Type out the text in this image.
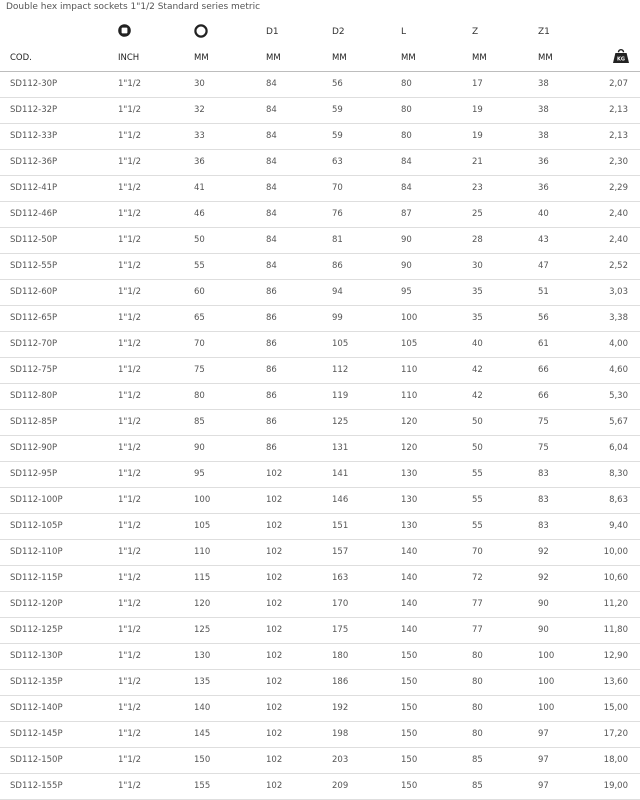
Double hex impact sockets 1"1/2 Standard series metric
			D1	D2	L	Z	Z1	
COD.	INCH	MM	MM	MM	MM	MM	MM	KG

SD112-30P	1"1/2	30	84	56	80	17	38	2,07
SD112-32P	1"1/2	32	84	59	80	19	38	2,13
SD112-33P	1"1/2	33	84	59	80	19	38	2,13
SD112-36P	1"1/2	36	84	63	84	21	36	2,30
SD112-41P	1"1/2	41	84	70	84	23	36	2,29
SD112-46P	1"1/2	46	84	76	87	25	40	2,40
SD112-50P	1"1/2	50	84	81	90	28	43	2,40
SD112-55P	1"1/2	55	84	86	90	30	47	2,52
SD112-60P	1"1/2	60	86	94	95	35	51	3,03
SD112-65P	1"1/2	65	86	99	100	35	56	3,38
SD112-70P	1"1/2	70	86	105	105	40	61	4,00
SD112-75P	1"1/2	75	86	112	110	42	66	4,60
SD112-80P	1"1/2	80	86	119	110	42	66	5,30
SD112-85P	1"1/2	85	86	125	120	50	75	5,67
SD112-90P	1"1/2	90	86	131	120	50	75	6,04
SD112-95P	1"1/2	95	102	141	130	55	83	8,30
SD112-100P	1"1/2	100	102	146	130	55	83	8,63
SD112-105P	1"1/2	105	102	151	130	55	83	9,40
SD112-110P	1"1/2	110	102	157	140	70	92	10,00
SD112-115P	1"1/2	115	102	163	140	72	92	10,60
SD112-120P	1"1/2	120	102	170	140	77	90	11,20
SD112-125P	1"1/2	125	102	175	140	77	90	11,80
SD112-130P	1"1/2	130	102	180	150	80	100	12,90
SD112-135P	1"1/2	135	102	186	150	80	100	13,60
SD112-140P	1"1/2	140	102	192	150	80	100	15,00
SD112-145P	1"1/2	145	102	198	150	80	97	17,20
SD112-150P	1"1/2	150	102	203	150	85	97	18,00
SD112-155P	1"1/2	155	102	209	150	85	97	19,00
